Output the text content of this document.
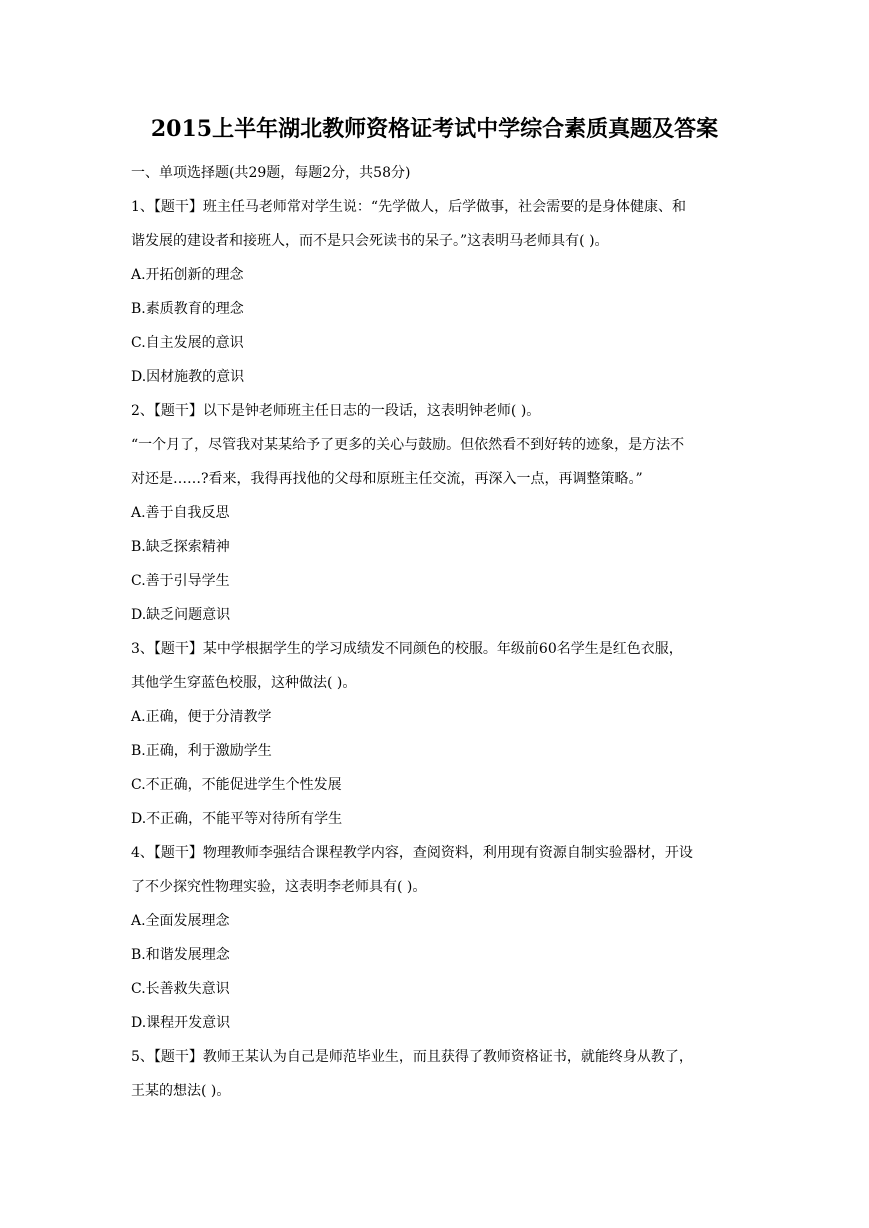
2015上半年湖北教师资格证考试中学综合素质真题及答案

一、单项选择题(共29题，每题2分，共58分)

1、【题干】班主任马老师常对学生说：“先学做人，后学做事，社会需要的是身体健康、和

谐发展的建设者和接班人，而不是只会死读书的呆子。”这表明马老师具有( )。

A.开拓创新的理念

B.素质教育的理念

C.自主发展的意识

D.因材施教的意识

2、【题干】以下是钟老师班主任日志的一段话，这表明钟老师( )。

“一个月了，尽管我对某某给予了更多的关心与鼓励。但依然看不到好转的迹象，是方法不

对还是……?看来，我得再找他的父母和原班主任交流，再深入一点，再调整策略。”

A.善于自我反思

B.缺乏探索精神

C.善于引导学生

D.缺乏问题意识

3、【题干】某中学根据学生的学习成绩发不同颜色的校服。年级前60名学生是红色衣服，

其他学生穿蓝色校服，这种做法( )。

A.正确，便于分清教学

B.正确，利于激励学生

C.不正确，不能促进学生个性发展

D.不正确，不能平等对待所有学生

4、【题干】物理教师李强结合课程教学内容，查阅资料，利用现有资源自制实验器材，开设

了不少探究性物理实验，这表明李老师具有( )。

A.全面发展理念

B.和谐发展理念

C.长善救失意识

D.课程开发意识

5、【题干】教师王某认为自己是师范毕业生，而且获得了教师资格证书，就能终身从教了，

王某的想法( )。
